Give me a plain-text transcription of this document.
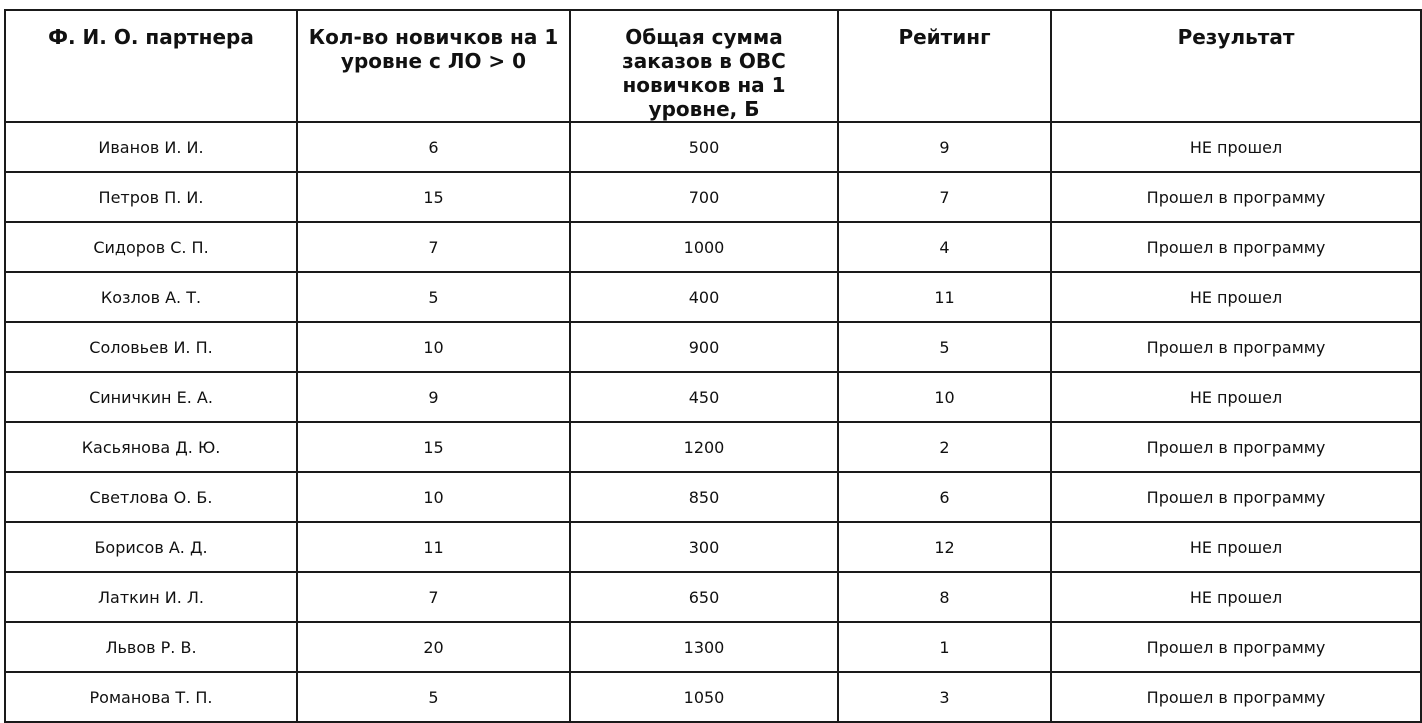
Ф. И. О. партнера	Кол-во новичков на 1 уровне с ЛО > 0	Общая сумма заказов в ОВС новичков на 1 уровне, Б	Рейтинг	Результат
Иванов И. И.	6	500	9	НЕ прошел
Петров П. И.	15	700	7	Прошел в программу
Сидоров С. П.	7	1000	4	Прошел в программу
Козлов А. Т.	5	400	11	НЕ прошел
Соловьев И. П.	10	900	5	Прошел в программу
Синичкин Е. А.	9	450	10	НЕ прошел
Касьянова Д. Ю.	15	1200	2	Прошел в программу
Светлова О. Б.	10	850	6	Прошел в программу
Борисов А. Д.	11	300	12	НЕ прошел
Латкин И. Л.	7	650	8	НЕ прошел
Львов Р. В.	20	1300	1	Прошел в программу
Романова Т. П.	5	1050	3	Прошел в программу
